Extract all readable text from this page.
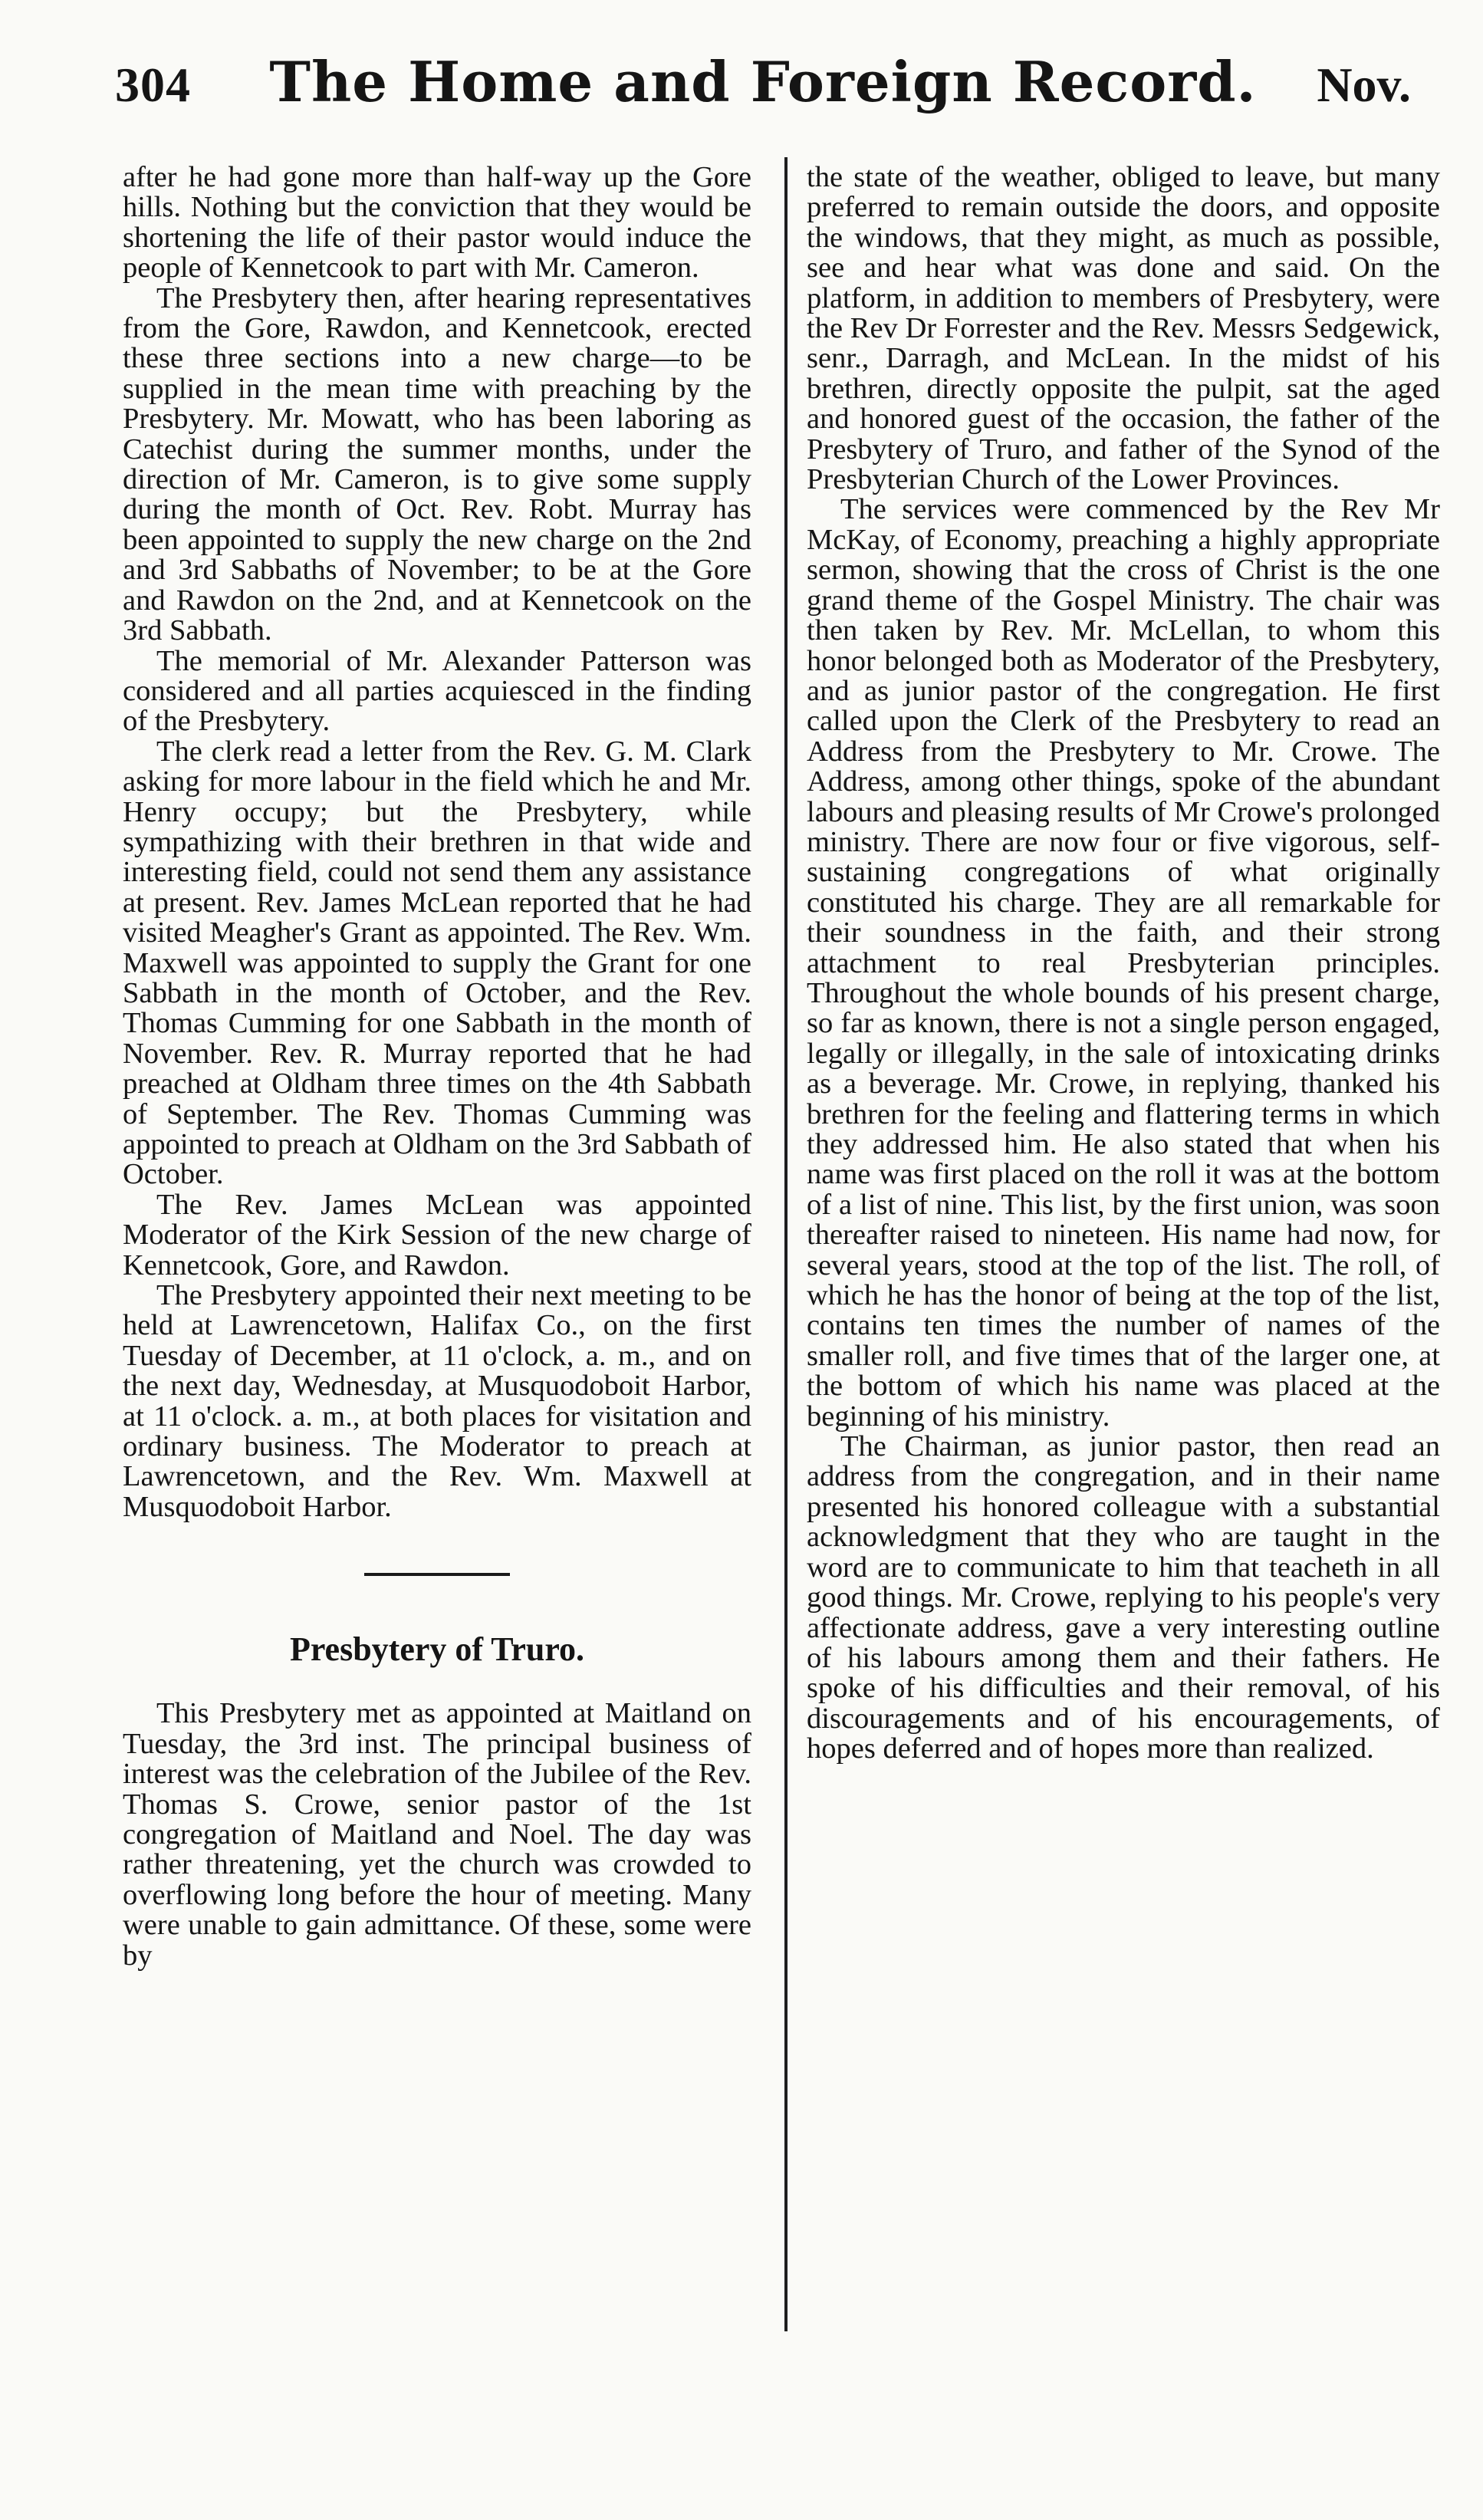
304	The Home and Foreign Record.	Nov.

after he had gone more than half-way up the Gore hills. Nothing but the conviction that they would be shortening the life of their pastor would induce the people of Kennetcook to part with Mr. Cameron.

The Presbytery then, after hearing representatives from the Gore, Rawdon, and Kennetcook, erected these three sections into a new charge—to be supplied in the mean time with preaching by the Presbytery. Mr. Mowatt, who has been laboring as Catechist during the summer months, under the direction of Mr. Cameron, is to give some supply during the month of Oct. Rev. Robt. Murray has been appointed to supply the new charge on the 2nd and 3rd Sabbaths of November; to be at the Gore and Rawdon on the 2nd, and at Kennetcook on the 3rd Sabbath.

The memorial of Mr. Alexander Patterson was considered and all parties acquiesced in the finding of the Presbytery.

The clerk read a letter from the Rev. G. M. Clark asking for more labour in the field which he and Mr. Henry occupy; but the Presbytery, while sympathizing with their brethren in that wide and interesting field, could not send them any assistance at present. Rev. James McLean reported that he had visited Meagher's Grant as appointed. The Rev. Wm. Maxwell was appointed to supply the Grant for one Sabbath in the month of October, and the Rev. Thomas Cumming for one Sabbath in the month of November. Rev. R. Murray reported that he had preached at Oldham three times on the 4th Sabbath of September. The Rev. Thomas Cumming was appointed to preach at Oldham on the 3rd Sabbath of October.

The Rev. James McLean was appointed Moderator of the Kirk Session of the new charge of Kennetcook, Gore, and Rawdon.

The Presbytery appointed their next meeting to be held at Lawrencetown, Halifax Co., on the first Tuesday of December, at 11 o'clock, a. m., and on the next day, Wednesday, at Musquodoboit Harbor, at 11 o'clock. a. m., at both places for visitation and ordinary business. The Moderator to preach at Lawrencetown, and the Rev. Wm. Maxwell at Musquodoboit Harbor.

Presbytery of Truro.

This Presbytery met as appointed at Maitland on Tuesday, the 3rd inst. The principal business of interest was the celebration of the Jubilee of the Rev. Thomas S. Crowe, senior pastor of the 1st congregation of Maitland and Noel. The day was rather threatening, yet the church was crowded to overflowing long before the hour of meeting. Many were unable to gain admittance. Of these, some were by

the state of the weather, obliged to leave, but many preferred to remain outside the doors, and opposite the windows, that they might, as much as possible, see and hear what was done and said. On the platform, in addition to members of Presbytery, were the Rev Dr Forrester and the Rev. Messrs Sedgewick, senr., Darragh, and McLean. In the midst of his brethren, directly opposite the pulpit, sat the aged and honored guest of the occasion, the father of the Presbytery of Truro, and father of the Synod of the Presbyterian Church of the Lower Provinces.

The services were commenced by the Rev Mr McKay, of Economy, preaching a highly appropriate sermon, showing that the cross of Christ is the one grand theme of the Gospel Ministry. The chair was then taken by Rev. Mr. McLellan, to whom this honor belonged both as Moderator of the Presbytery, and as junior pastor of the congregation. He first called upon the Clerk of the Presbytery to read an Address from the Presbytery to Mr. Crowe. The Address, among other things, spoke of the abundant labours and pleasing results of Mr Crowe's prolonged ministry. There are now four or five vigorous, self-sustaining congregations of what originally constituted his charge. They are all remarkable for their soundness in the faith, and their strong attachment to real Presbyterian principles. Throughout the whole bounds of his present charge, so far as known, there is not a single person engaged, legally or illegally, in the sale of intoxicating drinks as a beverage. Mr. Crowe, in replying, thanked his brethren for the feeling and flattering terms in which they addressed him. He also stated that when his name was first placed on the roll it was at the bottom of a list of nine. This list, by the first union, was soon thereafter raised to nineteen. His name had now, for several years, stood at the top of the list. The roll, of which he has the honor of being at the top of the list, contains ten times the number of names of the smaller roll, and five times that of the larger one, at the bottom of which his name was placed at the beginning of his ministry.

The Chairman, as junior pastor, then read an address from the congregation, and in their name presented his honored colleague with a substantial acknowledgment that they who are taught in the word are to communicate to him that teacheth in all good things. Mr. Crowe, replying to his people's very affectionate address, gave a very interesting outline of his labours among them and their fathers. He spoke of his difficulties and their removal, of his discouragements and of his encouragements, of hopes deferred and of hopes more than realized.
